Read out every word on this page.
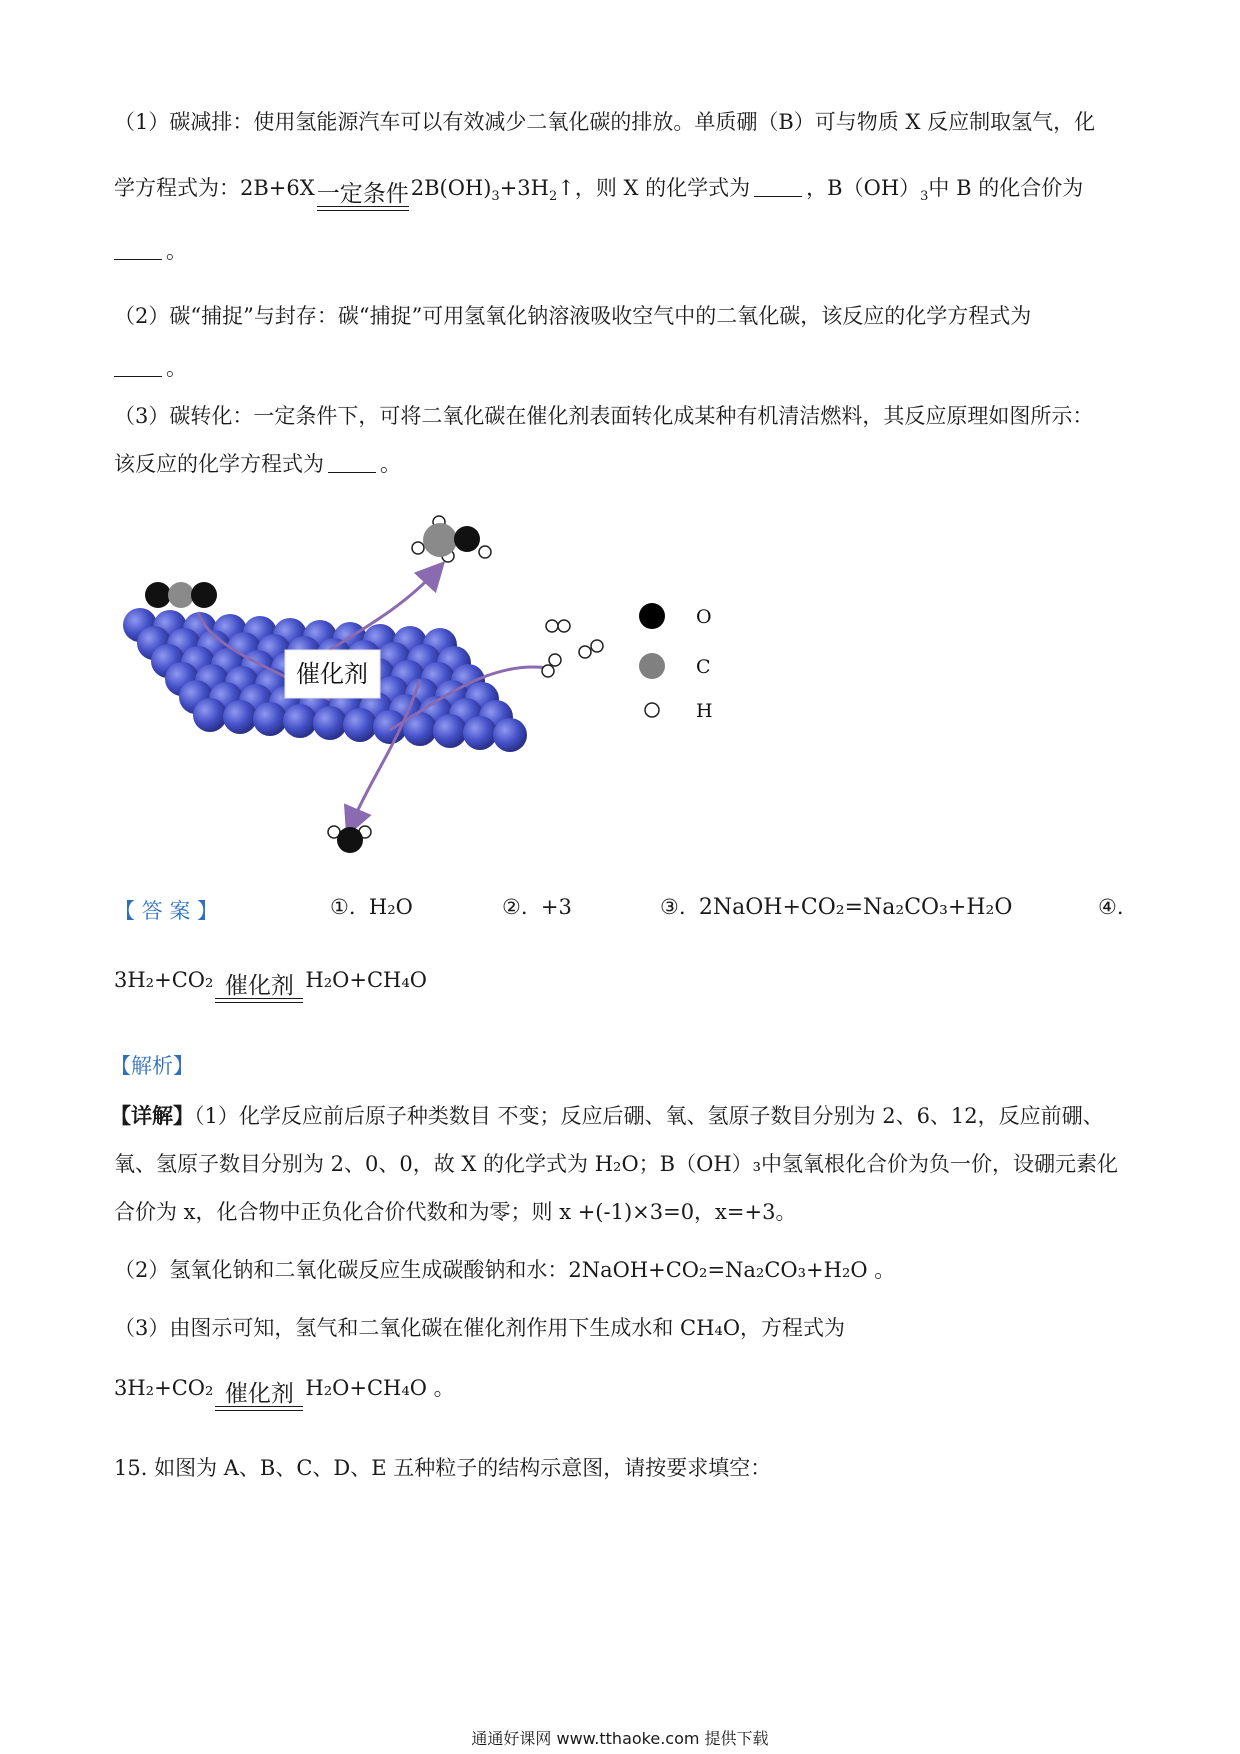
（1）碳减排：使用氢能源汽车可以有效减少二氧化碳的排放。单质硼（B）可与物质 X 反应制取氢气，化
学方程式为：2B+6X 一定条件 $2B(OH)_3+3H_2↑$，则 X 的化学式为	，$B(OH)_3$中 B 的化合价为
。
（2）碳“捕捉”与封存：碳“捕捉”可用氢氧化钠溶液吸收空气中的二氧化碳，该反应的化学方程式为
。
（3）碳转化：一定条件下，可将二氧化碳在催化剂表面转化成某种有机清洁燃料，其反应原理如图所示：
该反应的化学方程式为	。
催化剂
O
C
H
【 答 案 】	①. H₂O	②. +3	③. 2NaOH+CO₂=Na₂CO₃+H₂O	④.
3H₂+CO₂ 催化剂 H₂O+CH₄O
【解析】
【详解】（1）化学反应前后原子种类数目 不变；反应后硼、氧、氢原子数目分别为 2、6、12，反应前硼、
氧、氢原子数目分别为 2、0、0，故 X 的化学式为 H₂O；B（OH）₃中氢氧根化合价为负一价，设硼元素化
合价为 x，化合物中正负化合价代数和为零；则 x +(-1)×3=0，x=+3。
（2）氢氧化钠和二氧化碳反应生成碳酸钠和水：2NaOH+CO₂=Na₂CO₃+H₂O 。
（3）由图示可知，氢气和二氧化碳在催化剂作用下生成水和 CH₄O，方程式为
3H₂+CO₂ 催化剂 H₂O+CH₄O 。
15. 如图为 A、B、C、D、E 五种粒子的结构示意图，请按要求填空：
通通好课网 www.tthaoke.com 提供下载
